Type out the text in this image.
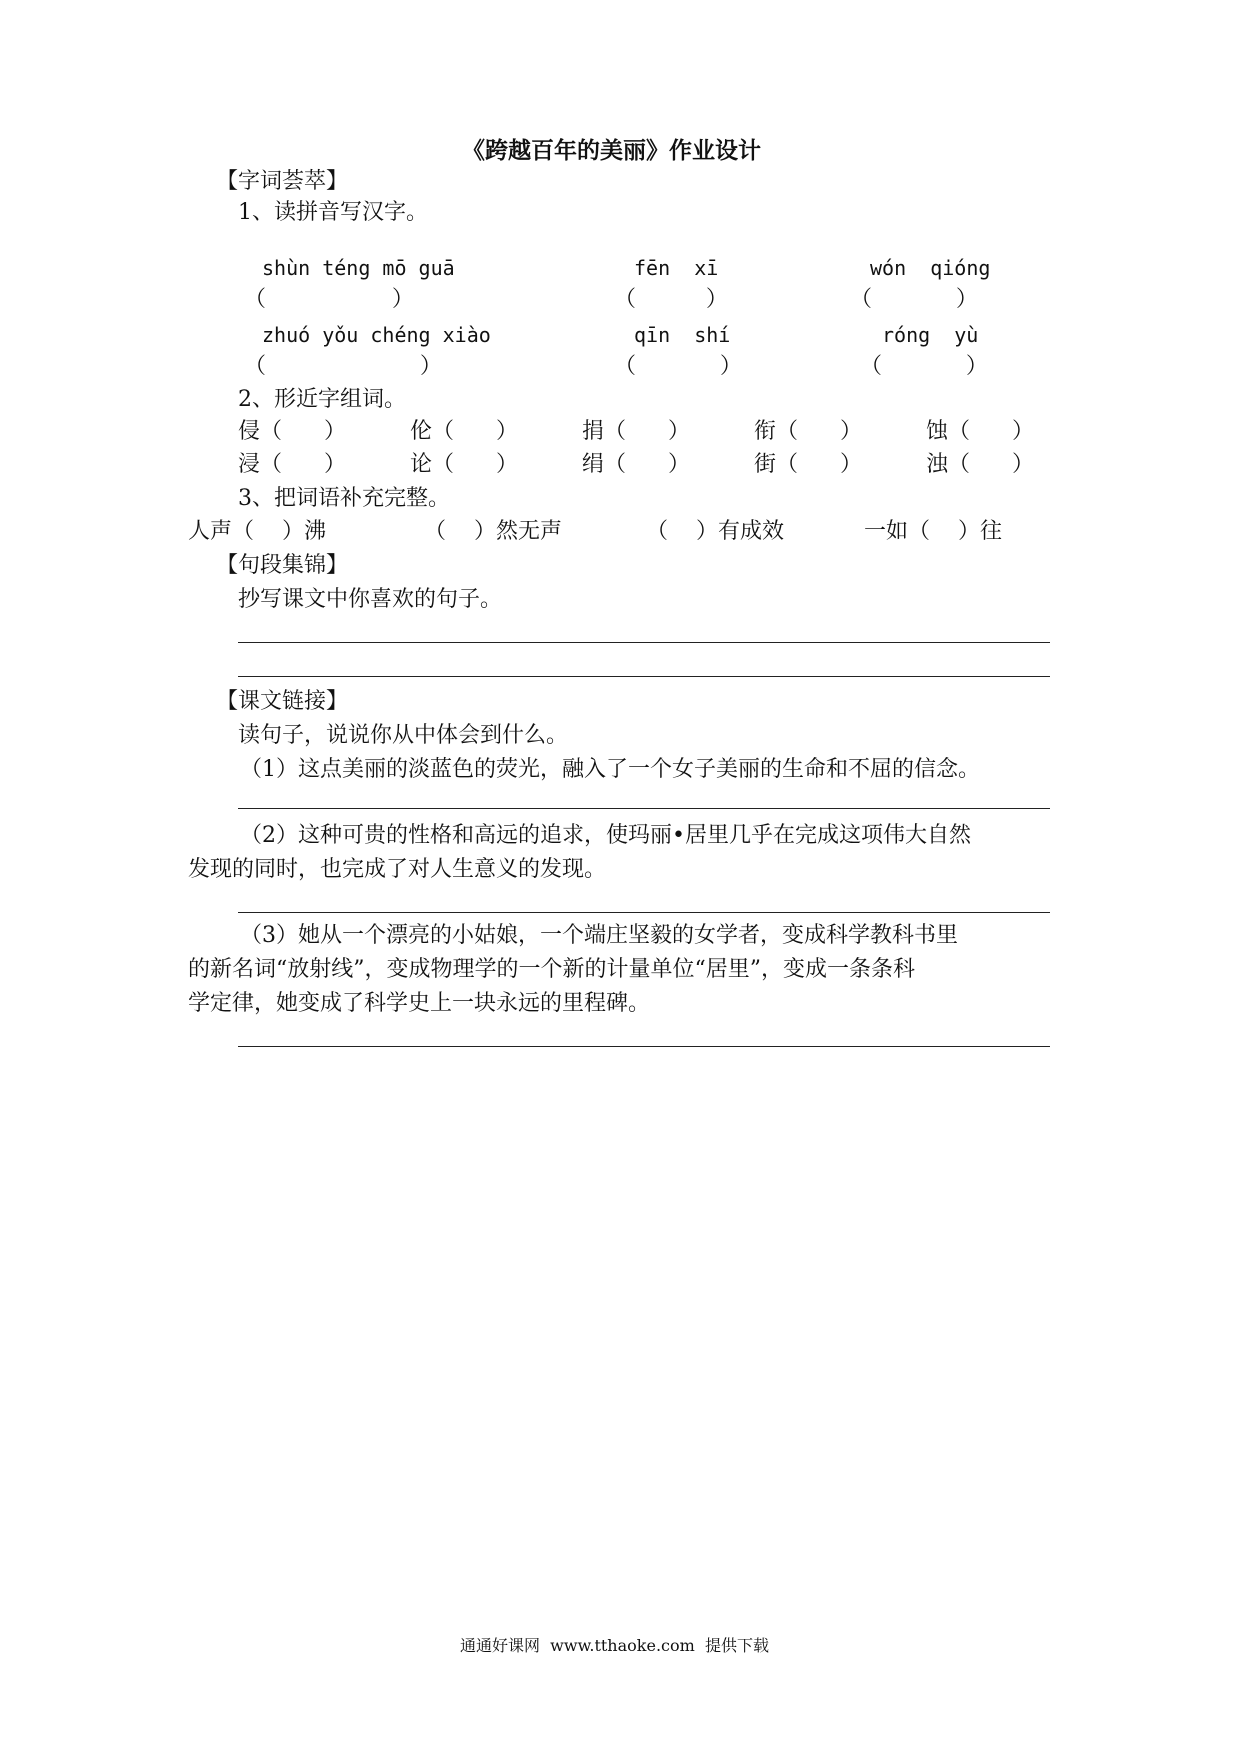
《跨越百年的美丽》作业设计
【字词荟萃】
1、读拼音写汉字。
shùn téng mō guā	fēn  xī	wón  qióng
（                  ）	（          ）	（            ）
zhuó yǒu chéng xiào	qīn  shí	róng  yù
（                      ）	（            ）	（            ）
2、形近字组词。
侵（      ）	伦（      ）	捐（      ）	衔（      ）	蚀（      ）
浸（      ）	论（      ）	绢（      ）	街（      ）	浊（      ）
3、把词语补充完整。
人声（    ）沸	（    ）然无声	（    ）有成效	一如（    ）往
【句段集锦】
抄写课文中你喜欢的句子。
【课文链接】
读句子，说说你从中体会到什么。
（1）这点美丽的淡蓝色的荧光，融入了一个女子美丽的生命和不屈的信念。
（2）这种可贵的性格和高远的追求，使玛丽•居里几乎在完成这项伟大自然
发现的同时，也完成了对人生意义的发现。
（3）她从一个漂亮的小姑娘，一个端庄坚毅的女学者，变成科学教科书里
的新名词“放射线”，变成物理学的一个新的计量单位“居里”，变成一条条科
学定律，她变成了科学史上一块永远的里程碑。
通通好课网  www.tthaoke.com  提供下载
